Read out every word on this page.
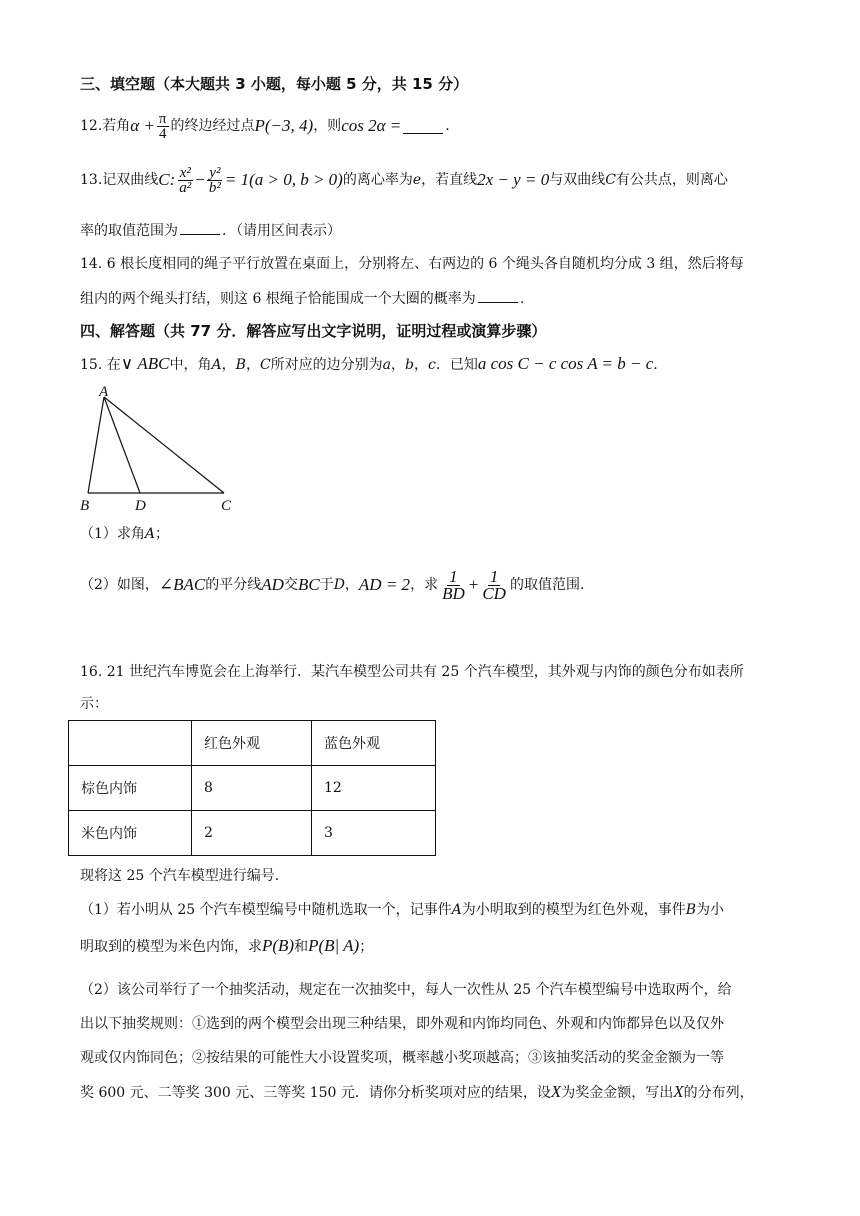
三、填空题（本大题共 3 小题，每小题 5 分，共 15 分）
12. 若角 $\alpha + \frac{\pi}{4}$ 的终边经过点 P(−3, 4) ，则 cos 2α =	.
13. 记双曲线 C: $\frac{\text{x²}}{\text{a²}} - \frac{\text{y²}}{\text{b²}} = 1(a > 0$, b > 0) 的离心率为 e ，若直线 2x − y = 0 与双曲线 C 有公共点，则离心
率的取值范围为	．（请用区间表示）
14. 6 根长度相同的绳子平行放置在桌面上，分别将左、右两边的 6 个绳头各自随机均分成 3 组，然后将每
组内的两个绳头打结，则这 6 根绳子恰能围成一个大圈的概率为	.
四、解答题（共 77 分．解答应写出文字说明，证明过程或演算步骤）
15. 在∨ ABC中，角A，B，C所对应的边分别为a，b，c．已知a cos C − c cos A = b − c.
A
B	D	C
（1）求角A；
（2）如图， ∠BAC 的平分线 AD 交 BC 于 D ， AD = 2 ，求 $\frac{1}{BD} + \frac{1}{CD}$ 的取值范围.
16. 21 世纪汽车博览会在上海举行．某汽车模型公司共有 25 个汽车模型，其外观与内饰的颜色分布如表所
示：
	红色外观	蓝色外观
棕色内饰	8	12
米色内饰	2	3
现将这 25 个汽车模型进行编号.
（1）若小明从 25 个汽车模型编号中随机选取一个，记事件A为小明取到的模型为红色外观，事件B为小
明取到的模型为米色内饰，求P(B)和P(B| A)；
（2）该公司举行了一个抽奖活动，规定在一次抽奖中，每人一次性从 25 个汽车模型编号中选取两个，给
出以下抽奖规则：①选到的两个模型会出现三种结果，即外观和内饰均同色、外观和内饰都异色以及仅外
观或仅内饰同色；②按结果的可能性大小设置奖项，概率越小奖项越高；③该抽奖活动的奖金金额为一等
奖 600 元、二等奖 300 元、三等奖 150 元．请你分析奖项对应的结果，设X为奖金金额，写出X的分布列，
